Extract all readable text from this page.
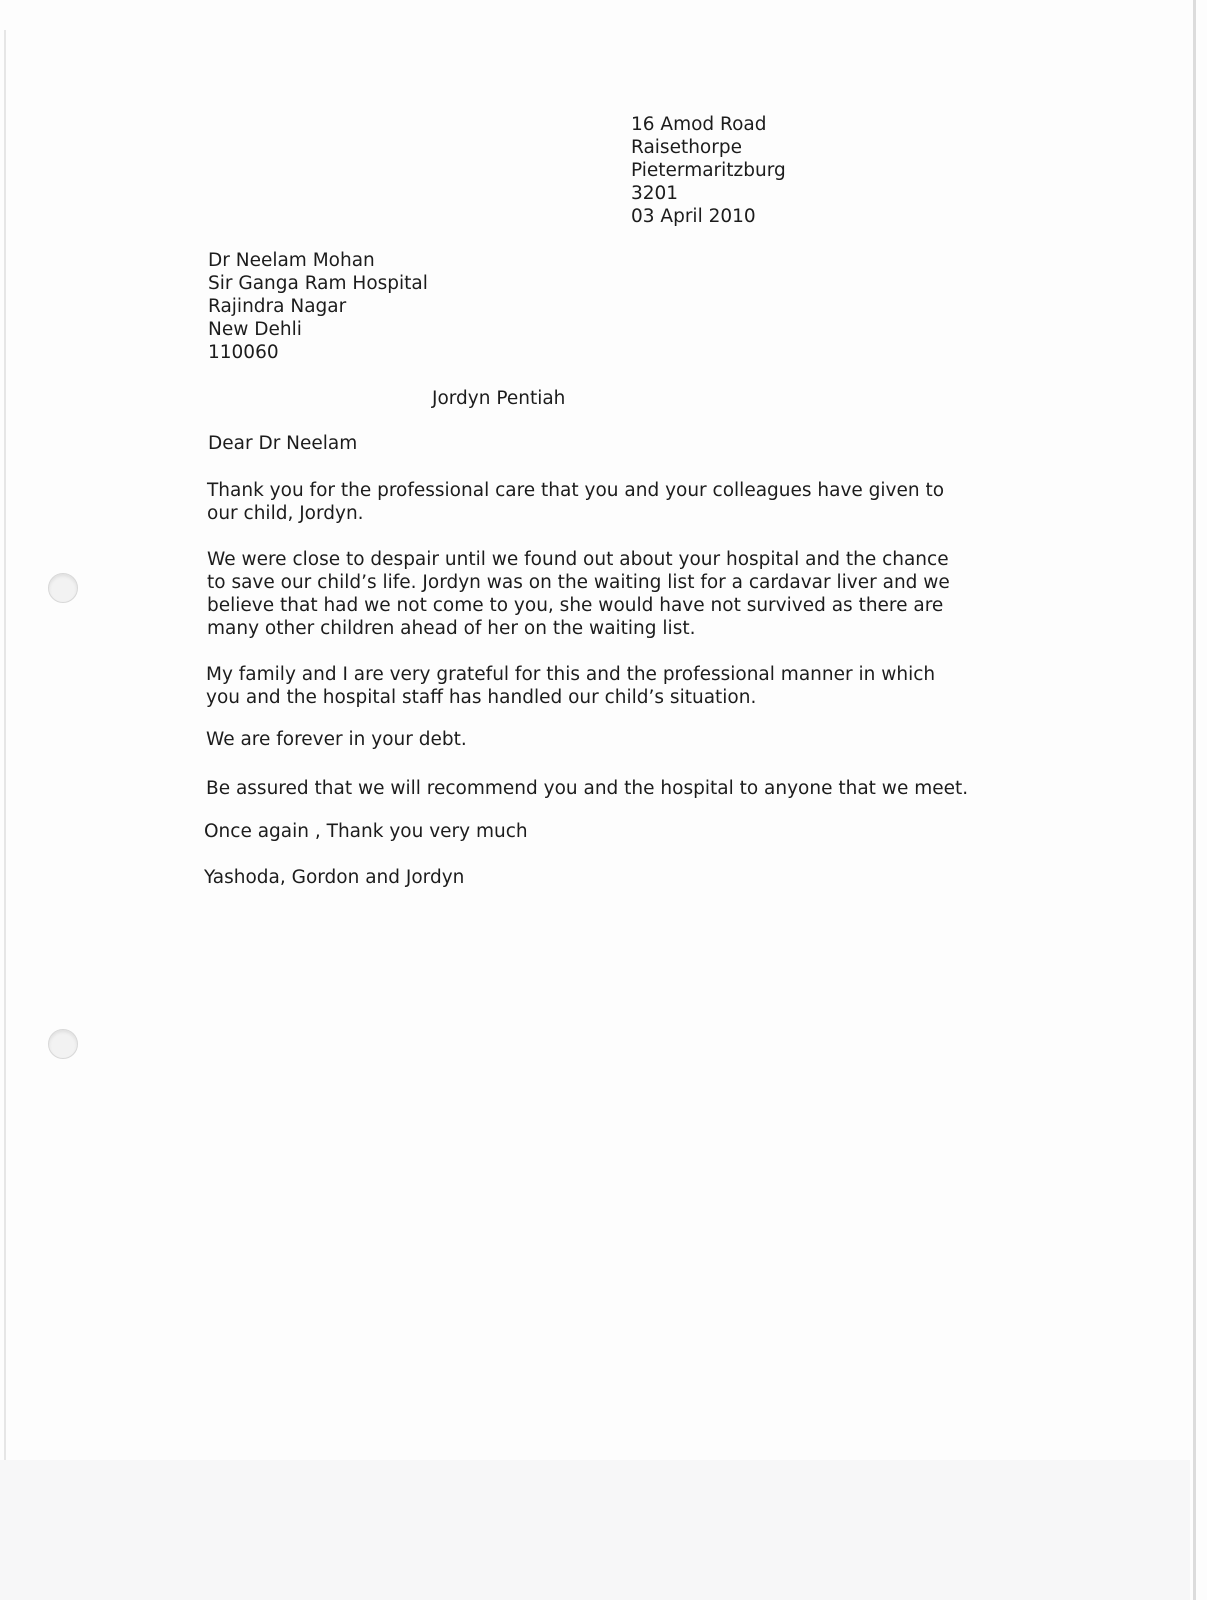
16 Amod Road
Raisethorpe
Pietermaritzburg
3201
03 April 2010
Dr Neelam Mohan
Sir Ganga Ram Hospital
Rajindra Nagar
New Dehli
110060
Jordyn Pentiah
Dear Dr Neelam
Thank you for the professional care that you and your colleagues have given to
our child, Jordyn.
We were close to despair until we found out about your hospital and the chance
to save our child’s life. Jordyn was on the waiting list for a cardavar liver and we
believe that had we not come to you, she would have not survived as there are
many other children ahead of her on the waiting list.
My family and I are very grateful for this and the professional manner in which
you and the hospital staff has handled our child’s situation.
We are forever in your debt.
Be assured that we will recommend you and the hospital to anyone that we meet.
Once again , Thank you very much
Yashoda, Gordon and Jordyn
